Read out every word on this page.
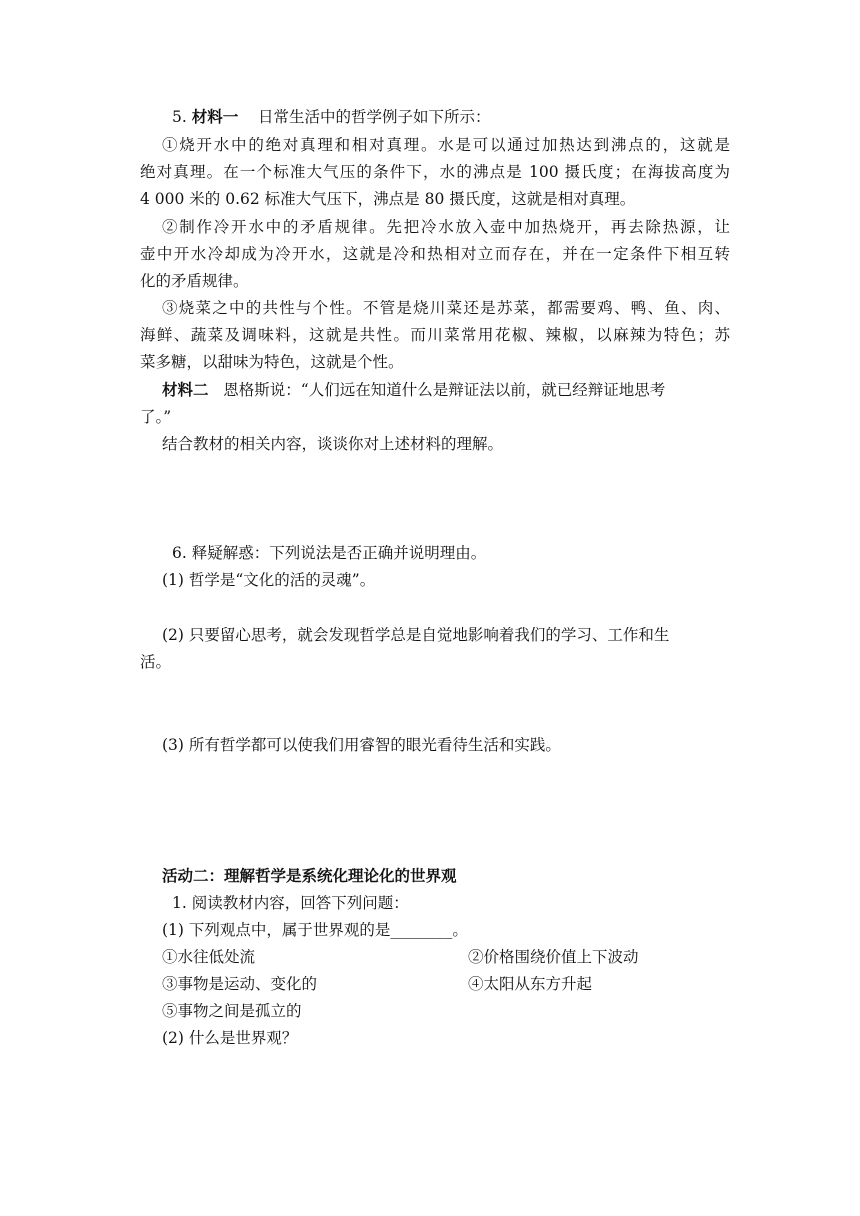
5. 材料一 日常生活中的哲学例子如下所示：
①烧开水中的绝对真理和相对真理。水是可以通过加热达到沸点的，这就是
绝对真理。在一个标准大气压的条件下，水的沸点是 100 摄氏度；在海拔高度为
4 000 米的 0.62 标准大气压下，沸点是 80 摄氏度，这就是相对真理。
②制作冷开水中的矛盾规律。先把冷水放入壶中加热烧开，再去除热源，让
壶中开水冷却成为冷开水，这就是冷和热相对立而存在，并在一定条件下相互转
化的矛盾规律。
③烧菜之中的共性与个性。不管是烧川菜还是苏菜，都需要鸡、鸭、鱼、肉、
海鲜、蔬菜及调味料，这就是共性。而川菜常用花椒、辣椒，以麻辣为特色；苏
菜多糖，以甜味为特色，这就是个性。
材料二 恩格斯说：“人们远在知道什么是辩证法以前，就已经辩证地思考
了。”
结合教材的相关内容，谈谈你对上述材料的理解。
6. 释疑解惑：下列说法是否正确并说明理由。
(1) 哲学是“文化的活的灵魂”。
(2) 只要留心思考，就会发现哲学总是自觉地影响着我们的学习、工作和生
活。
(3) 所有哲学都可以使我们用睿智的眼光看待生活和实践。
活动二：理解哲学是系统化理论化的世界观
1. 阅读教材内容，回答下列问题：
(1) 下列观点中，属于世界观的是________。
①水往低处流	②价格围绕价值上下波动
③事物是运动、变化的	④太阳从东方升起
⑤事物之间是孤立的
(2) 什么是世界观？
